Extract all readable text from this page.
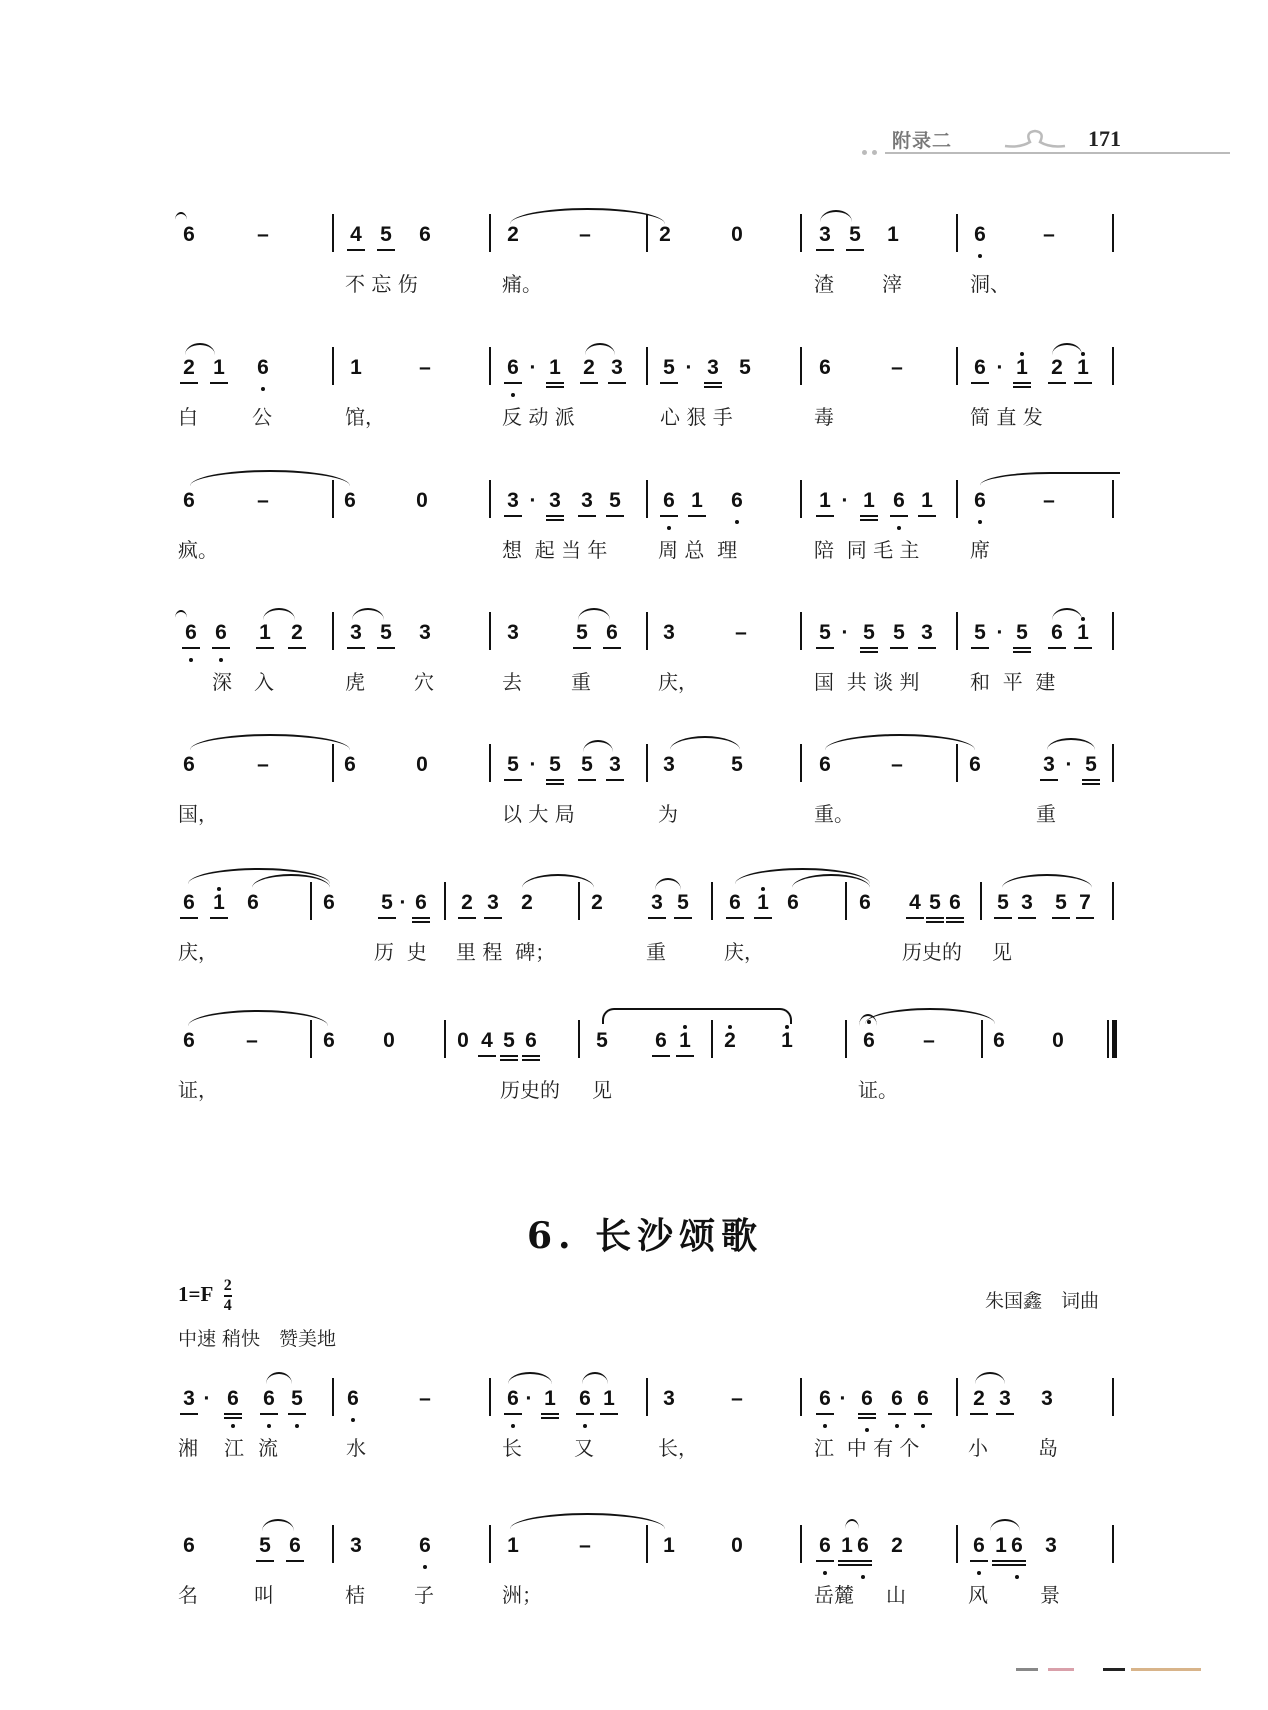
附录二	171
6	–	4 5 6	2	–	2	0	3 5 1	6	–
不 忘 伤	痛。	渣 滓	洞、
2 1 6	1	–	6 · 1 2 3 5 · 3 5	6	–	6 · 1 2 1
白	公	馆，	反 动 派	心 狠 手	毒	简 直 发
6	–	6	0	3 · 3 3 5 6 1 6	1 · 1 6 1 6	–
疯。	想  起 当 年	周 总  理	陪  同 毛 主	席
6 6 1 2 3 5 3	3	5 6 3	–	5 · 5 5 3 5 · 5 6 1
深 入	虎 穴	去 重	庆，	国  共 谈 判	和  平  建
6	–	6	0	5 · 5 5 3 3	5	6	–	6	3 · 5
国，	以 大 局	为	重。	重
6 1 6	6 5 · 6 2 3 2	2 3 5 6 1 6	6 4 5 6 5 3 5 7
庆，	历  史 里 程  碑；	重	庆，	历史的 见
6 –	6 0	0 4 5 6	5 6 1 2 1	6 –	6 0
证，	历史的 见	证。
6. 长沙颂歌
$1=F \frac{2}{4}$	朱国鑫　词曲
中速 稍快　赞美地
3 · 6 6 5 6	–	6 · 1 6 1 3	–	6 · 6 6 6 2 3 3
湘 江 流	水	长	又	长，	江  中 有 个 小	岛
6	5 6 3	6	1	–	1	0	6 1 6 2	6 1 6 3
名	叫	桔 子	洲；	岳麓 山	风	景
